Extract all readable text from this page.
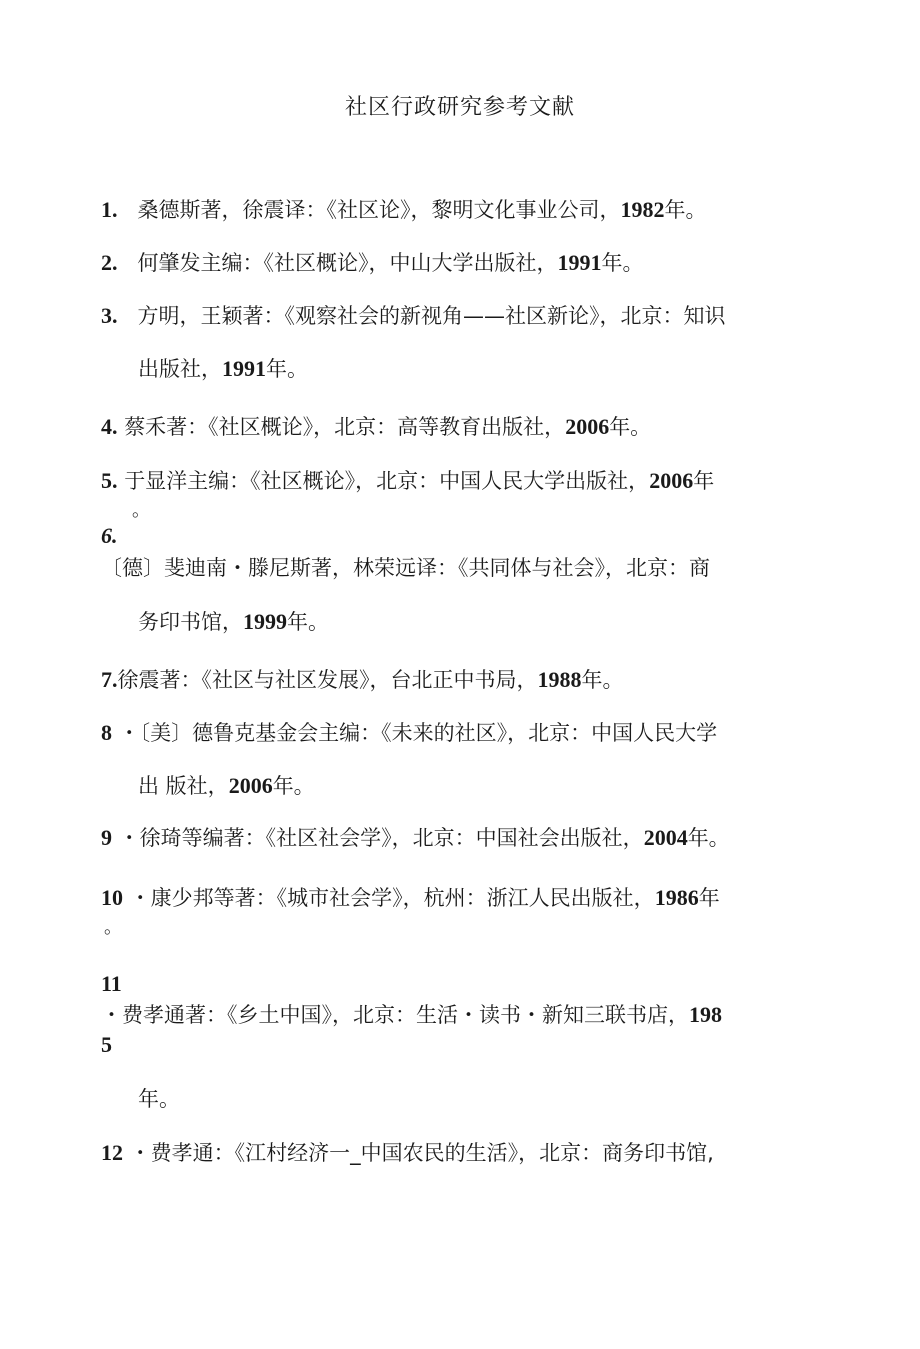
社区行政研究参考文献
1. 桑德斯著，徐震译：《社区论》，黎明文化事业公司，1982年。
2. 何肇发主编：《社区概论》，中山大学出版社，1991年。
3. 方明，王颖著：《观察社会的新视角——社区新论》，北京：知识
出版社，1991年。
4. 蔡禾著：《社区概论》，北京：高等教育出版社，2006年。
5. 于显洋主编：《社区概论》，北京：中国人民大学出版社，2006年
。
6.
〔德〕斐迪南・滕尼斯著，林荣远译：《共同体与社会》，北京：商
务印书馆，1999年。
7.徐震著：《社区与社区发展》，台北正中书局，1988年。
8 ・〔美〕德鲁克基金会主编：《未来的社区》，北京：中国人民大学
出 版社，2006年。
9 ・徐琦等编著：《社区社会学》，北京：中国社会出版社，2004年。
10 ・康少邦等著：《城市社会学》，杭州：浙江人民出版社，1986年
。
11
・费孝通著：《乡土中国》，北京：生活・读书・新知三联书店，198
5
年。
12 ・费孝通：《江村经济一_中国农民的生活》，北京：商务印书馆,
